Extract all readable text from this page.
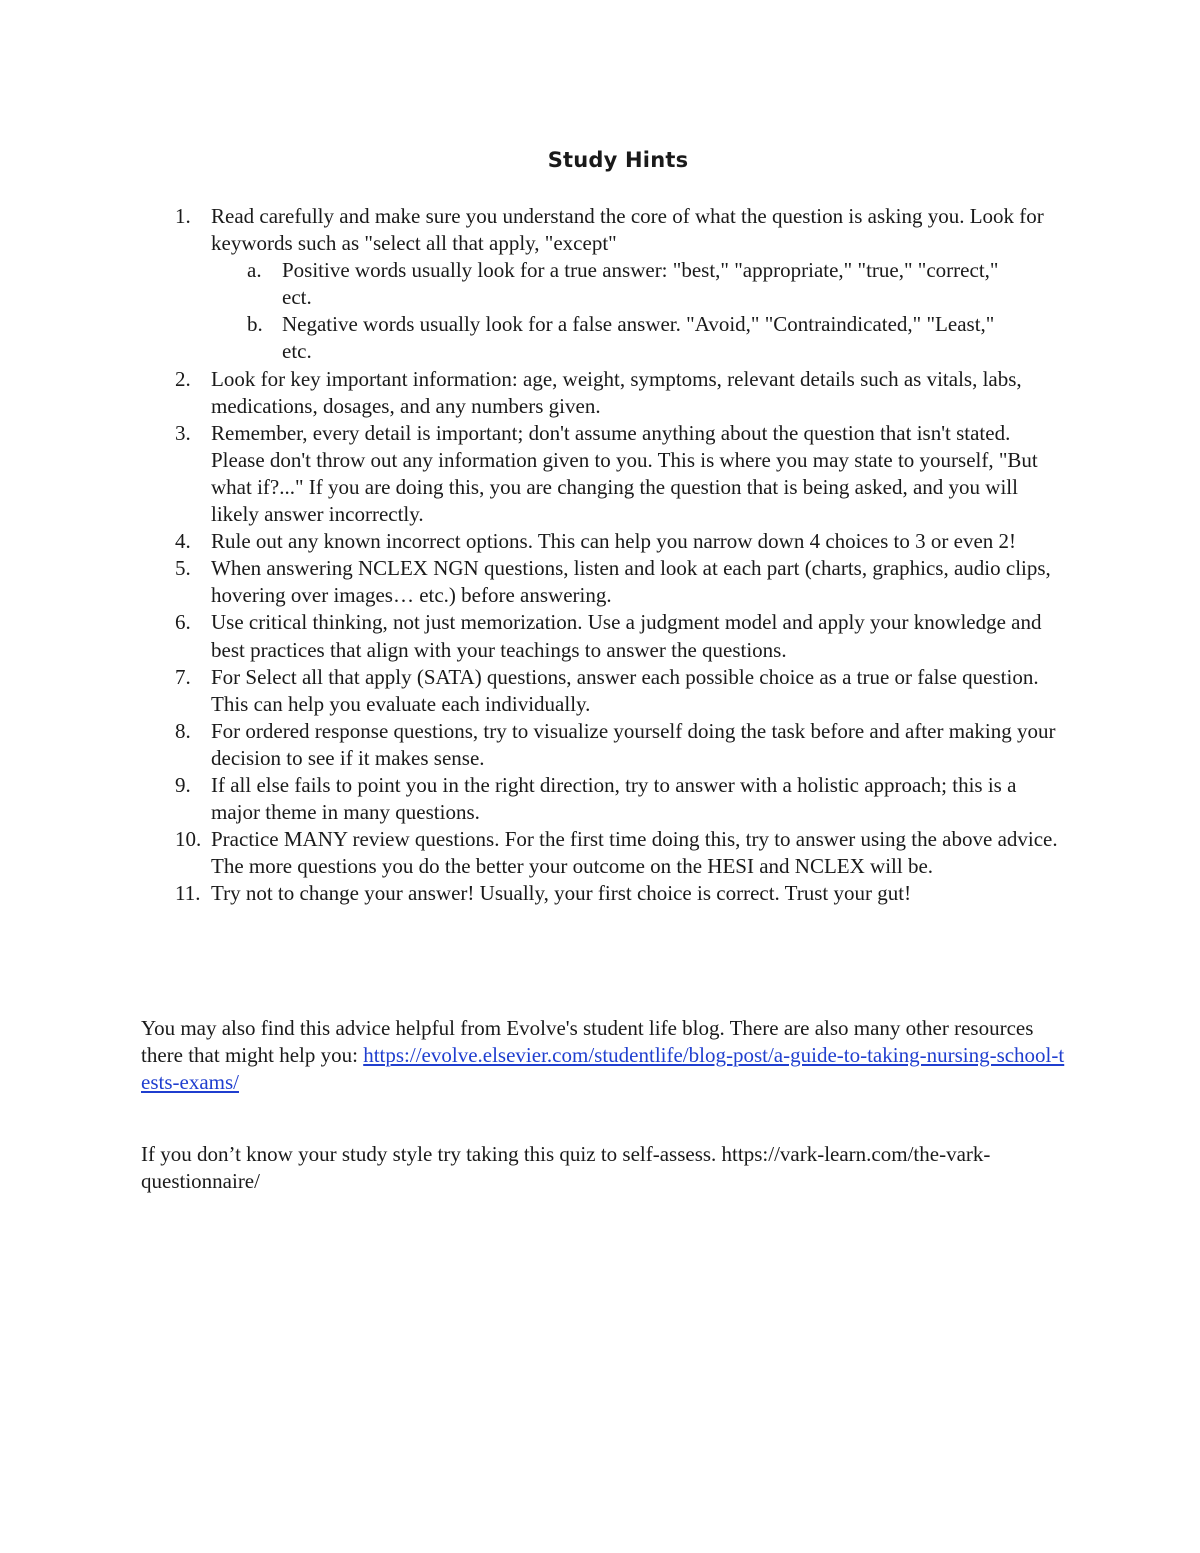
Study Hints
1. Read carefully and make sure you understand the core of what the question is asking you. Look for keywords such as "select all that apply, "except"
a. Positive words usually look for a true answer: "best," "appropriate," "true," "correct," ect.
b. Negative words usually look for a false answer. "Avoid," "Contraindicated," "Least," etc.
2. Look for key important information: age, weight, symptoms, relevant details such as vitals, labs, medications, dosages, and any numbers given.
3. Remember, every detail is important; don't assume anything about the question that isn't stated. Please don't throw out any information given to you. This is where you may state to yourself, "But what if?..." If you are doing this, you are changing the question that is being asked, and you will likely answer incorrectly.
4. Rule out any known incorrect options. This can help you narrow down 4 choices to 3 or even 2!
5. When answering NCLEX NGN questions, listen and look at each part (charts, graphics, audio clips, hovering over images… etc.) before answering.
6. Use critical thinking, not just memorization. Use a judgment model and apply your knowledge and best practices that align with your teachings to answer the questions.
7. For Select all that apply (SATA) questions, answer each possible choice as a true or false question. This can help you evaluate each individually.
8. For ordered response questions, try to visualize yourself doing the task before and after making your decision to see if it makes sense.
9. If all else fails to point you in the right direction, try to answer with a holistic approach; this is a major theme in many questions.
10. Practice MANY review questions. For the first time doing this, try to answer using the above advice. The more questions you do the better your outcome on the HESI and NCLEX will be.
11. Try not to change your answer! Usually, your first choice is correct. Trust your gut!
You may also find this advice helpful from Evolve's student life blog. There are also many other resources there that might help you: https://evolve.elsevier.com/studentlife/blog-post/a-guide-to-taking-nursing-school-tests-exams/
If you don’t know your study style try taking this quiz to self-assess. https://vark-learn.com/the-vark-questionnaire/
